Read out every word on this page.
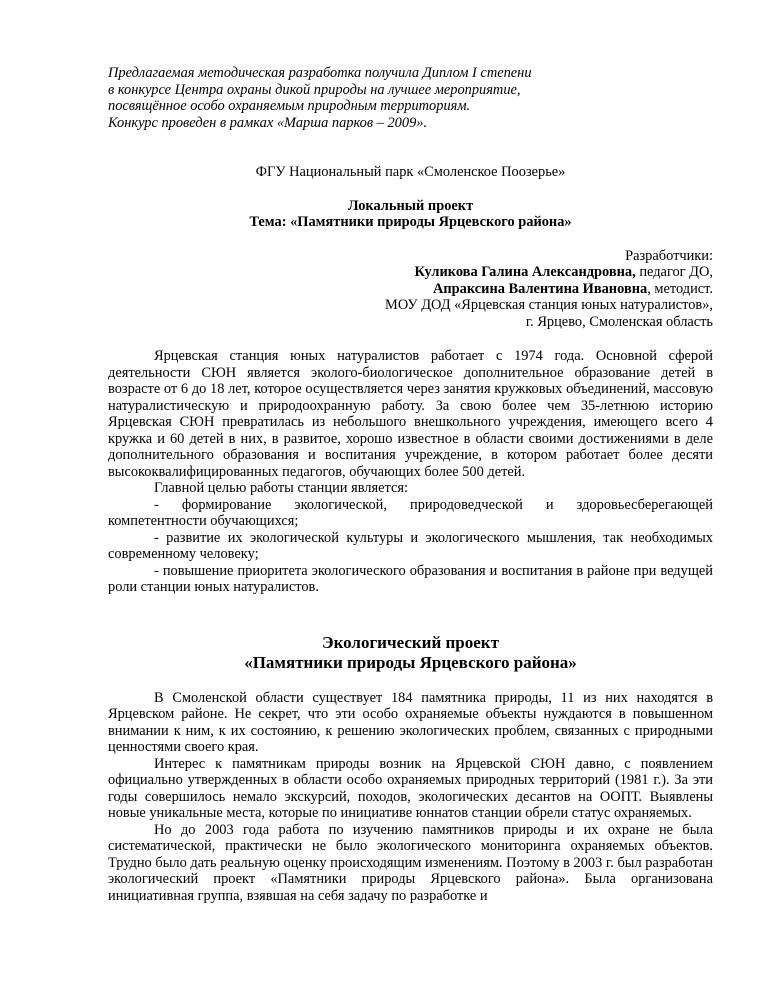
Предлагаемая методическая разработка получила Диплом I степени
в конкурсе Центра охраны дикой природы на лучшее мероприятие,
посвящённое особо охраняемым природным территориям.
Конкурс проведен в рамках «Марша парков – 2009».
ФГУ Национальный парк «Смоленское Поозерье»
Локальный проект
Тема: «Памятники природы Ярцевского района»
Разработчики:
Куликова Галина Александровна, педагог ДО,
Апраксина Валентина Ивановна, методист.
МОУ ДОД «Ярцевская станция юных натуралистов»,
г. Ярцево, Смоленская область

Ярцевская станция юных натуралистов работает с 1974 года. Основной сферой деятельности СЮН является эколого-биологическое дополнительное образование детей в возрасте от 6 до 18 лет, которое осуществляется через занятия кружковых объединений, массовую натуралистическую и природоохранную работу. За свою более чем 35-летнюю историю Ярцевская СЮН превратилась из небольшого внешкольного учреждения, имеющего всего 4 кружка и 60 детей в них, в развитое, хорошо известное в области своими достижениями в деле дополнительного образования и воспитания учреждение, в котором работает более десяти высококвалифицированных педагогов, обучающих более 500 детей.

Главной целью работы станции является:

- формирование экологической, природоведческой и здоровьесберегающей компетентности обучающихся;

- развитие их экологической культуры и экологического мышления, так необходимых современному человеку;

- повышение приоритета экологического образования и воспитания в районе при ведущей роли станции юных натуралистов.

Экологический проект
«Памятники природы Ярцевского района»

В Смоленской области существует 184 памятника природы, 11 из них находятся в Ярцевском районе. Не секрет, что эти особо охраняемые объекты нуждаются в повышенном внимании к ним, к их состоянию, к решению экологических проблем, связанных с природными ценностями своего края.

Интерес к памятникам природы возник на Ярцевской СЮН давно, с появлением официально утвержденных в области особо охраняемых природных территорий (1981 г.). За эти годы совершилось немало экскурсий, походов, экологических десантов на ООПТ. Выявлены новые уникальные места, которые по инициативе юннатов станции обрели статус охраняемых.

Но до 2003 года работа по изучению памятников природы и их охране не была систематической, практически не было экологического мониторинга охраняемых объектов. Трудно было дать реальную оценку происходящим изменениям. Поэтому в 2003 г. был разработан экологический проект «Памятники природы Ярцевского района». Была организована инициативная группа, взявшая на себя задачу по разработке и
